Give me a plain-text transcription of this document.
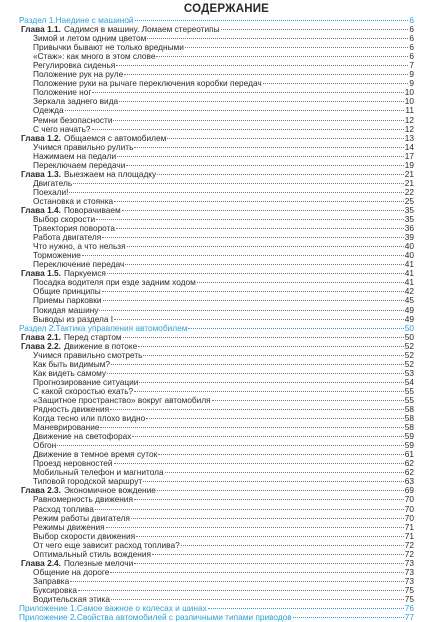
СОДЕРЖАНИЕ
Раздел 1. Наедине с машиной	6
Глава 1.1. Садимся в машину. Ломаем стереотипы	6
Зимой и летом одним цветом	6
Привычки бывают не только вредными	6
«Стаж»: как много в этом слове	6
Регулировка сиденья	7
Положение рук на руле	9
Положение руки на рычаге переключения коробки передач	9
Положение ног	10
Зеркала заднего вида	10
Одежда	11
Ремни безопасности	12
С чего начать?	12
Глава 1.2. Общаемся с автомобилем	13
Учимся правильно рулить	14
Нажимаем на педали	17
Переключаем передачи	19
Глава 1.3. Выезжаем на площадку	21
Двигатель	21
Поехали!	22
Остановка и стоянка	25
Глава 1.4. Поворачиваем	35
Выбор скорости	35
Траектория поворота	36
Работа двигателя	39
Что нужно, а что нельзя	40
Торможение	40
Переключение передач	41
Глава 1.5. Паркуемся	41
Посадка водителя при езде задним ходом	41
Общие принципы	42
Приемы парковки	45
Покидая машину	49
Выводы из раздела I	49
Раздел 2. Тактика управления автомобилем	50
Глава 2.1. Перед стартом	50
Глава 2.2. Движение в потоке	52
Учимся правильно смотреть	52
Как быть видимым?	52
Как видеть самому	53
Прогнозирование ситуации	54
С какой скоростью ехать?	55
«Защитное пространство» вокруг автомобиля	55
Рядность движения	58
Когда тесно или плохо видно	58
Маневрирование	58
Движение на светофорах	59
Обгон	59
Движение в темное время суток	61
Проезд неровностей	62
Мобильный телефон и магнитола	62
Типовой городской маршрут	63
Глава 2.3. Экономичное вождение	69
Равномерность движения	70
Расход топлива	70
Режим работы двигателя	70
Режимы движения	71
Выбор скорости движения	71
От чего еще зависит расход топлива?	72
Оптимальный стиль вождения	72
Глава 2.4. Полезные мелочи	73
Общение на дороге	73
Заправка	73
Буксировка	75
Водительская этика	75
Приложение 1. Самое важное о колесах и шинах	76
Приложение 2. Свойства автомобилей с различными типами приводов	77
